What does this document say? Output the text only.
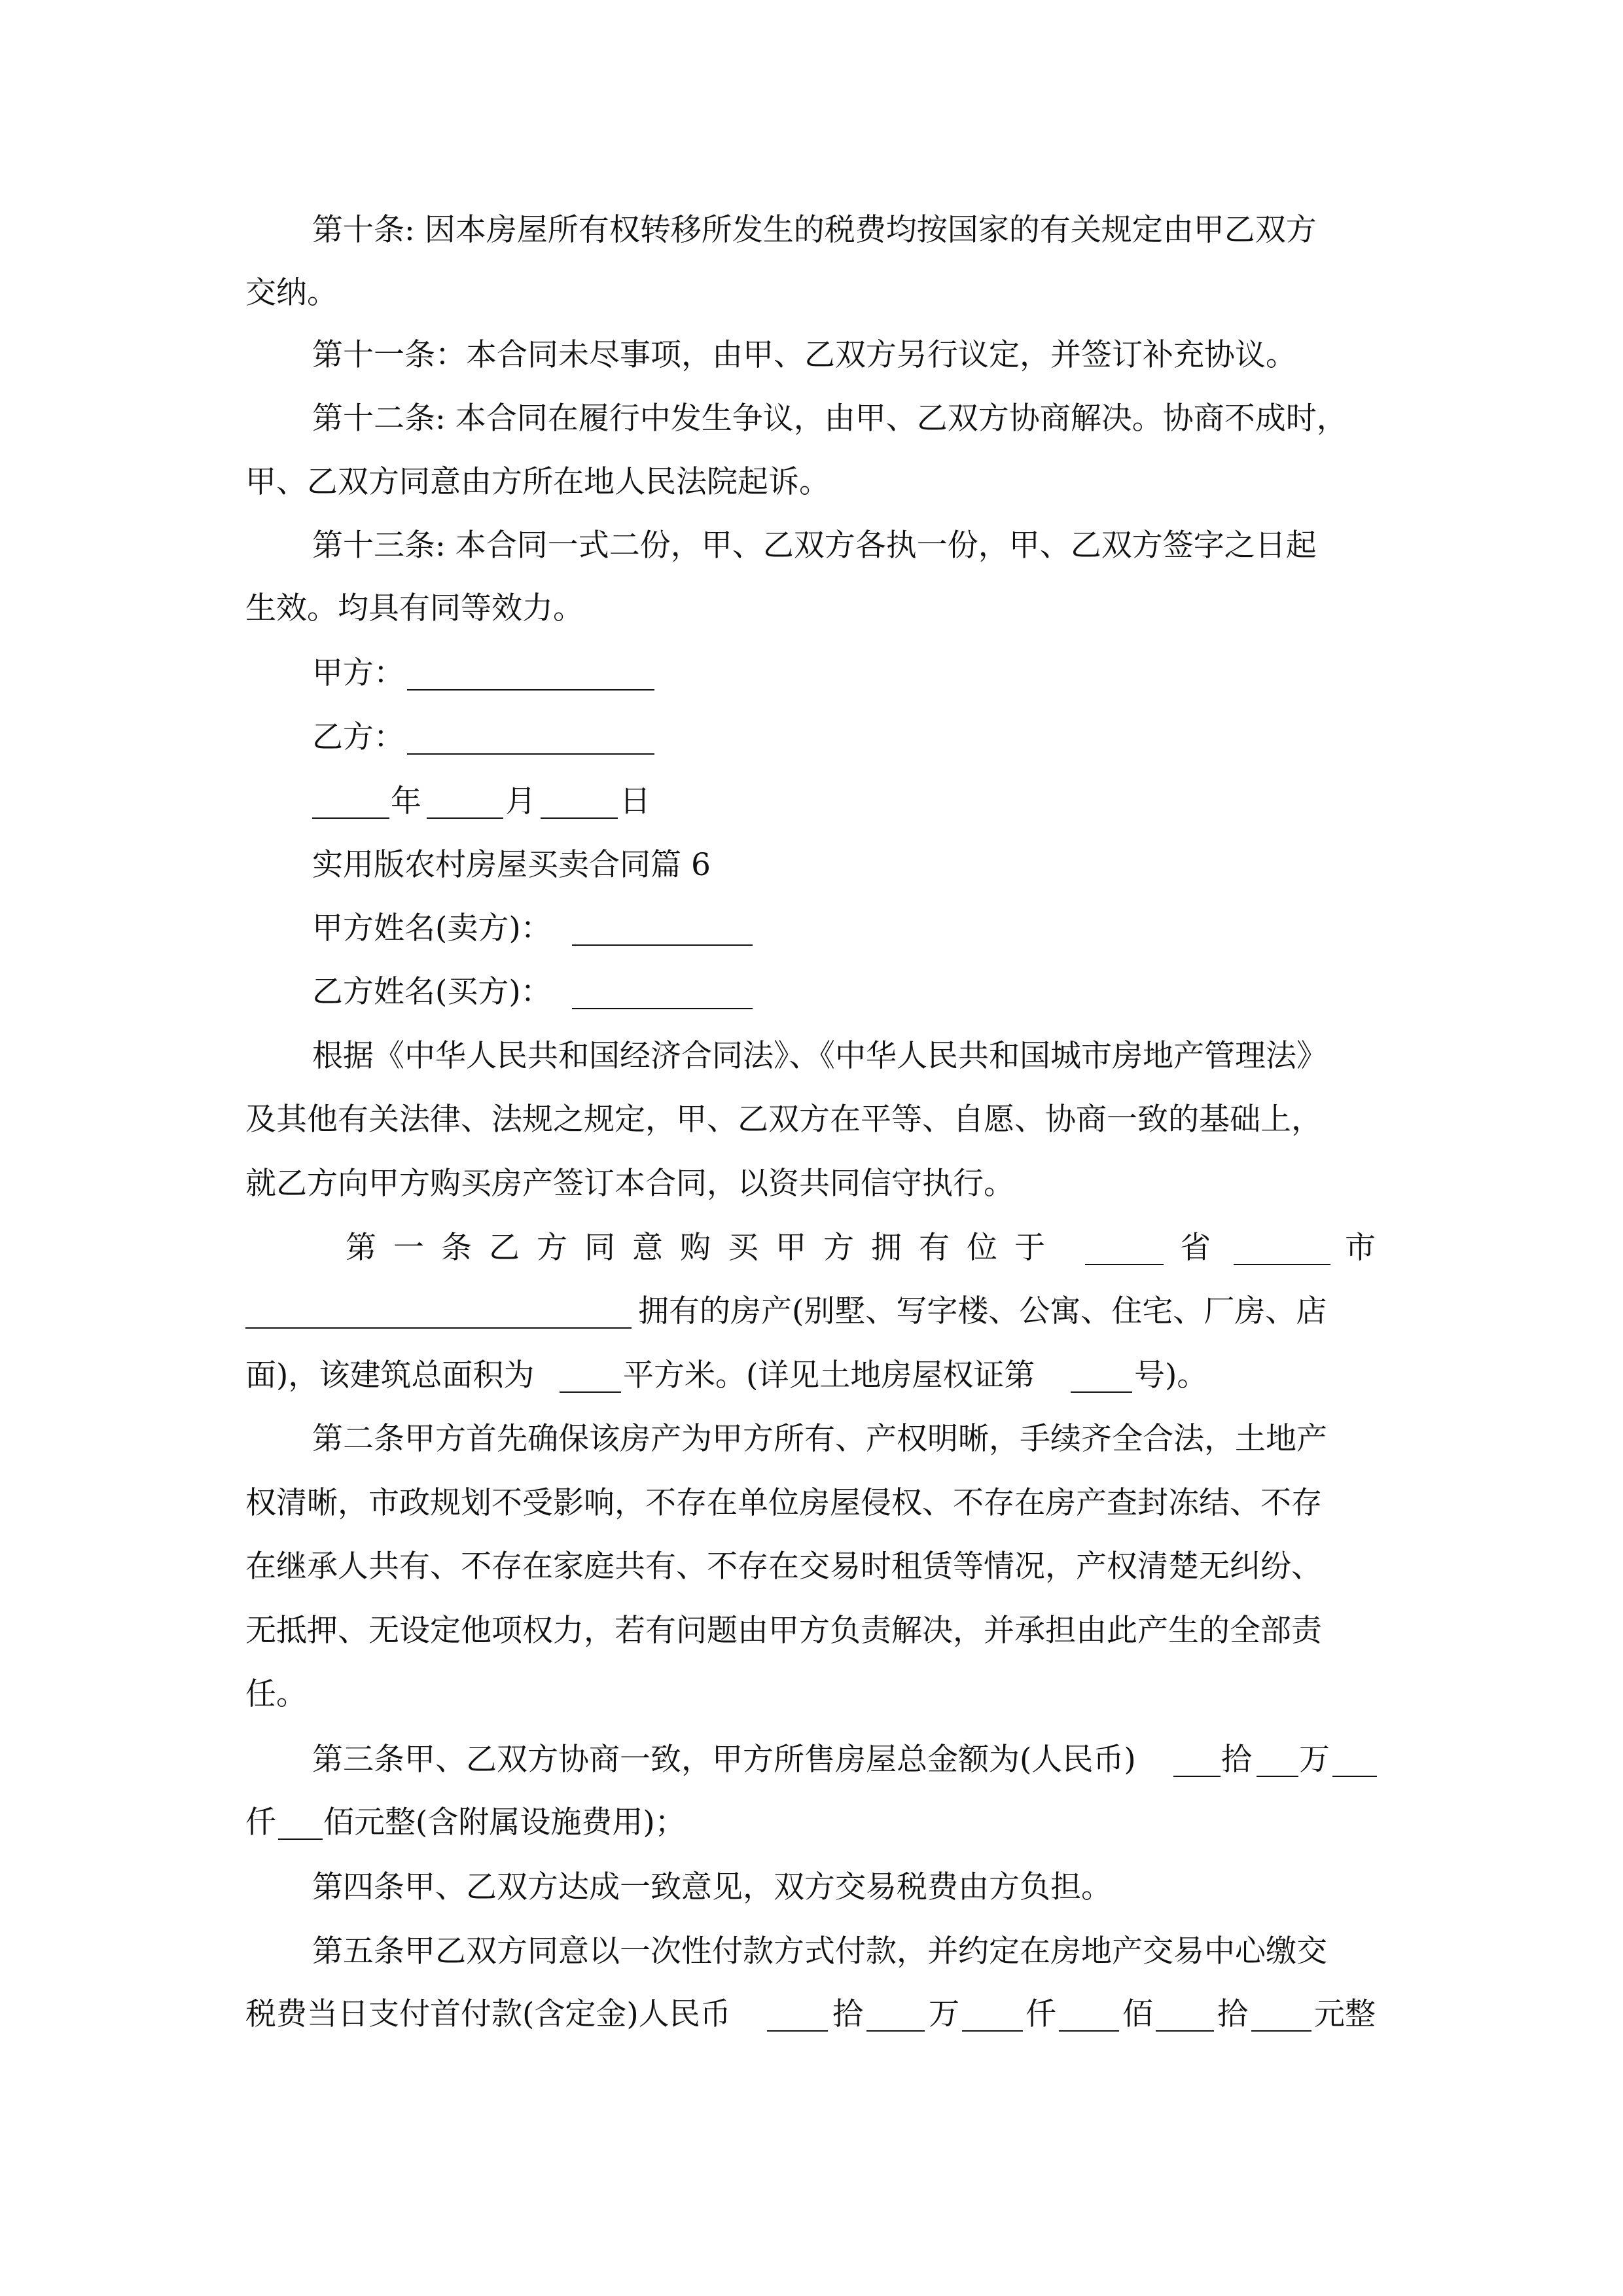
第十条: 因本房屋所有权转移所发生的税费均按国家的有关规定由甲乙双方
交纳。
第十一条：本合同未尽事项，由甲、乙双方另行议定，并签订补充协议。
第十二条: 本合同在履行中发生争议，由甲、乙双方协商解决。协商不成时，
甲、乙双方同意由方所在地人民法院起诉。
第十三条: 本合同一式二份，甲、乙双方各执一份，甲、乙双方签字之日起
生效。均具有同等效力。
甲方：
乙方：
年	月	日
实用版农村房屋买卖合同篇 6
甲方姓名(卖方)：
乙方姓名(买方)：
根据《中华人民共和国经济合同法》、《中华人民共和国城市房地产管理法》
及其他有关法律、法规之规定，甲、乙双方在平等、自愿、协商一致的基础上，
就乙方向甲方购买房产签订本合同，以资共同信守执行。
第一条乙方同意购买甲方拥有位于	省	市
拥有的房产(别墅、写字楼、公寓、住宅、厂房、店
面)，该建筑总面积为	平方米。(详见土地房屋权证第	号)。
第二条甲方首先确保该房产为甲方所有、产权明晰，手续齐全合法，土地产
权清晰，市政规划不受影响，不存在单位房屋侵权、不存在房产查封冻结、不存
在继承人共有、不存在家庭共有、不存在交易时租赁等情况，产权清楚无纠纷、
无抵押、无设定他项权力，若有问题由甲方负责解决，并承担由此产生的全部责
任。
第三条甲、乙双方协商一致，甲方所售房屋总金额为(人民币)	拾 万
仟 佰元整(含附属设施费用)；
第四条甲、乙双方达成一致意见，双方交易税费由方负担。
第五条甲乙双方同意以一次性付款方式付款，并约定在房地产交易中心缴交
税费当日支付首付款(含定金)人民币	拾 万 仟 佰 拾 元整
